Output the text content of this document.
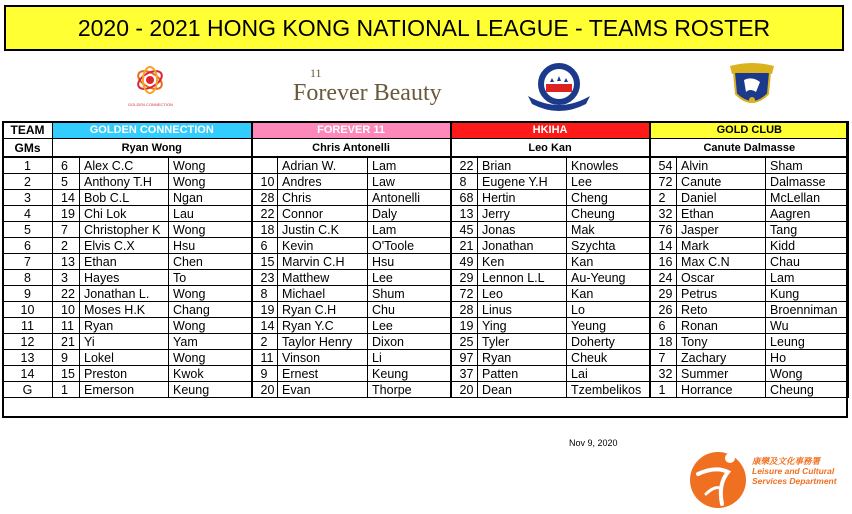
2020 - 2021 HONG KONG NATIONAL LEAGUE - TEAMS ROSTER
GOLDEN CONNECTION
11
Forever Beauty
TEAM	GOLDEN CONNECTION			FOREVER 11			HKIHA			GOLD CLUB		
GMs	Ryan Wong			Chris Antonelli			Leo Kan			Canute Dalmasse		
1	6	Alex C.C	Wong		Adrian W.	Lam	22	Brian	Knowles	54	Alvin	Sham
2	5	Anthony T.H	Wong	10	Andres	Law	8	Eugene Y.H	Lee	72	Canute	Dalmasse
3	14	Bob C.L	Ngan	28	Chris	Antonelli	68	Hertin	Cheng	2	Daniel	McLellan
4	19	Chi Lok	Lau	22	Connor	Daly	13	Jerry	Cheung	32	Ethan	Aagren
5	7	Christopher K	Wong	18	Justin C.K	Lam	45	Jonas	Mak	76	Jasper	Tang
6	2	Elvis C.X	Hsu	6	Kevin	O'Toole	21	Jonathan	Szychta	14	Mark	Kidd
7	13	Ethan	Chen	15	Marvin C.H	Hsu	49	Ken	Kan	16	Max C.N	Chau
8	3	Hayes	To	23	Matthew	Lee	29	Lennon L.L	Au-Yeung	24	Oscar	Lam
9	22	Jonathan L.	Wong	8	Michael	Shum	72	Leo	Kan	29	Petrus	Kung
10	10	Moses H.K	Chang	19	Ryan C.H	Chu	28	Linus	Lo	26	Reto	Broenniman
11	11	Ryan	Wong	14	Ryan Y.C	Lee	19	Ying	Yeung	6	Ronan	Wu
12	21	Yi	Yam	2	Taylor Henry	Dixon	25	Tyler	Doherty	18	Tony	Leung
13	9	Lokel	Wong	11	Vinson	Li	97	Ryan	Cheuk	7	Zachary	Ho
14	15	Preston	Kwok	9	Ernest	Keung	37	Patten	Lai	32	Summer	Wong
G	1	Emerson	Keung	20	Evan	Thorpe	20	Dean	Tzembelikos	1	Horrance	Cheung
Nov 9, 2020
康樂及文化事務署
Leisure and Cultural
Services Department
